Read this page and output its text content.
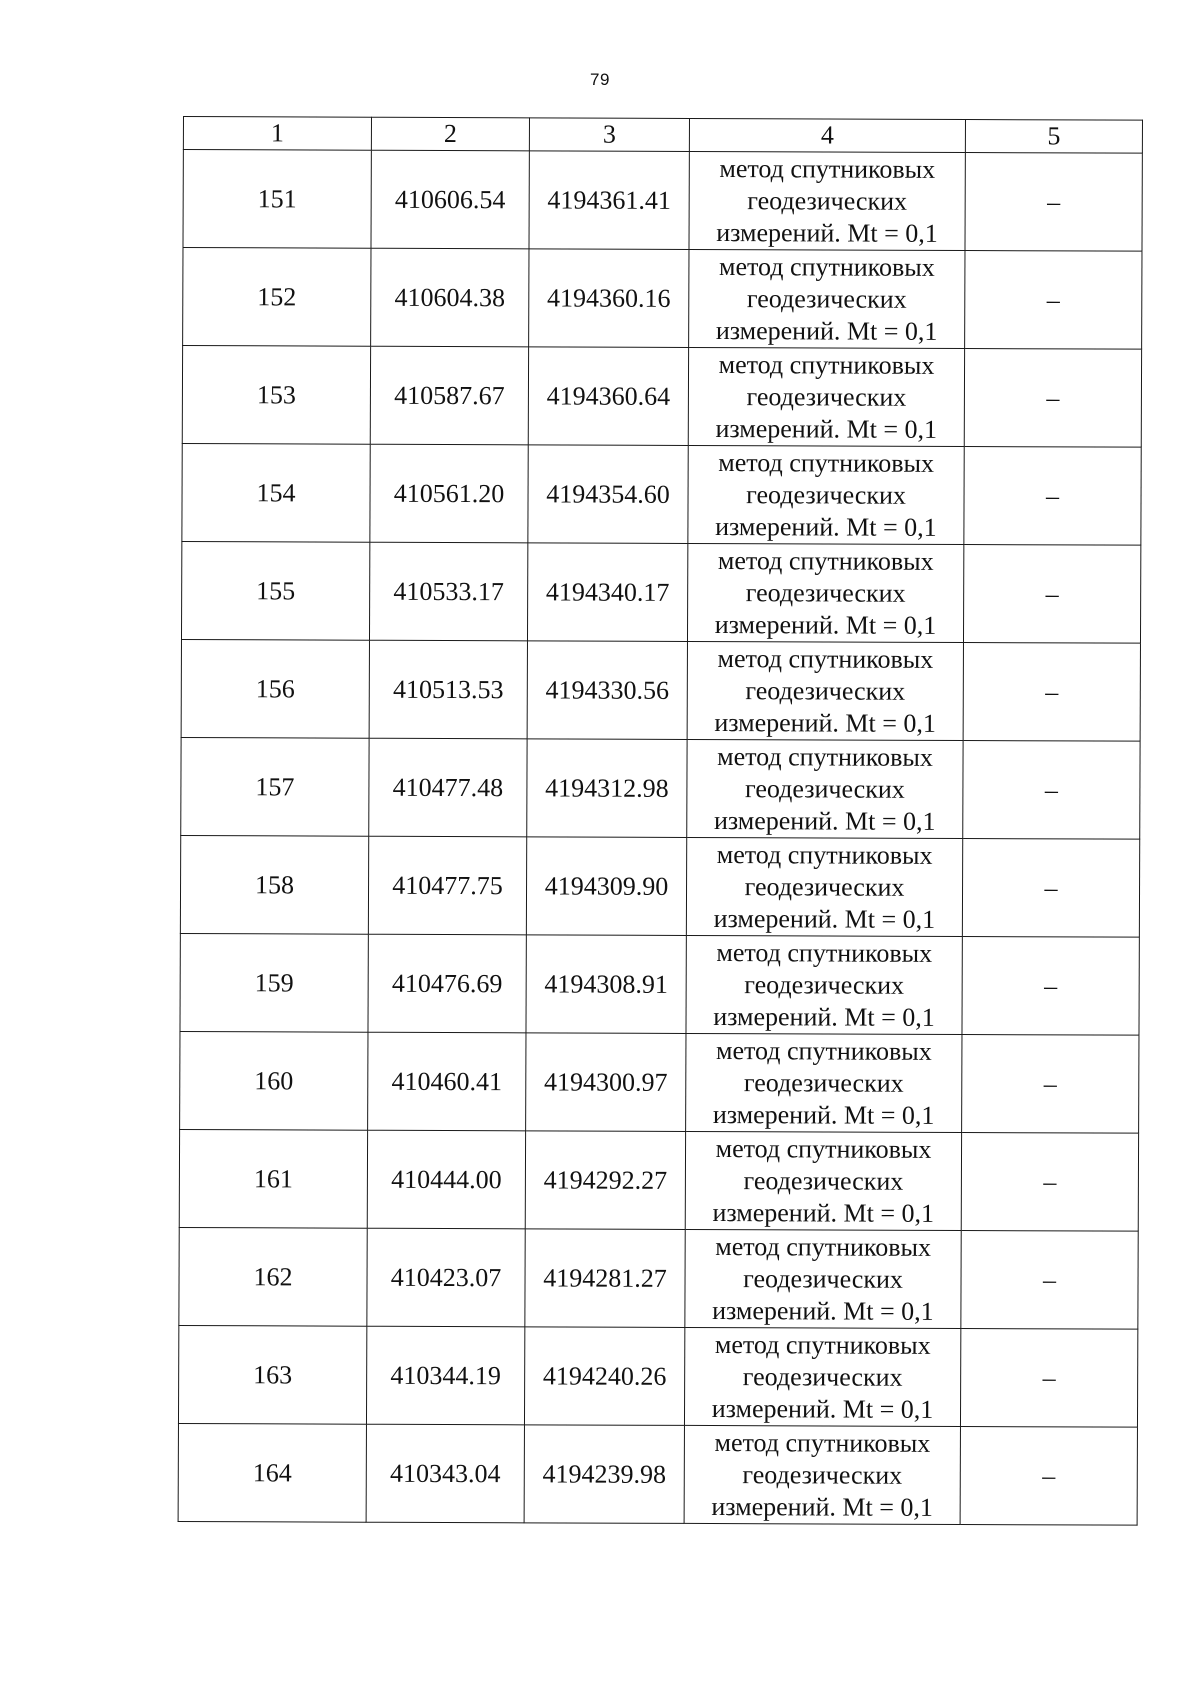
79
1	2	3	4	5
151	410606.54	4194361.41	метод спутниковых геодезических измерений. Mt = 0,1	–
152	410604.38	4194360.16	метод спутниковых геодезических измерений. Mt = 0,1	–
153	410587.67	4194360.64	метод спутниковых геодезических измерений. Mt = 0,1	–
154	410561.20	4194354.60	метод спутниковых геодезических измерений. Mt = 0,1	–
155	410533.17	4194340.17	метод спутниковых геодезических измерений. Mt = 0,1	–
156	410513.53	4194330.56	метод спутниковых геодезических измерений. Mt = 0,1	–
157	410477.48	4194312.98	метод спутниковых геодезических измерений. Mt = 0,1	–
158	410477.75	4194309.90	метод спутниковых геодезических измерений. Mt = 0,1	–
159	410476.69	4194308.91	метод спутниковых геодезических измерений. Mt = 0,1	–
160	410460.41	4194300.97	метод спутниковых геодезических измерений. Mt = 0,1	–
161	410444.00	4194292.27	метод спутниковых геодезических измерений. Mt = 0,1	–
162	410423.07	4194281.27	метод спутниковых геодезических измерений. Mt = 0,1	–
163	410344.19	4194240.26	метод спутниковых геодезических измерений. Mt = 0,1	–
164	410343.04	4194239.98	метод спутниковых геодезических измерений. Mt = 0,1	–
